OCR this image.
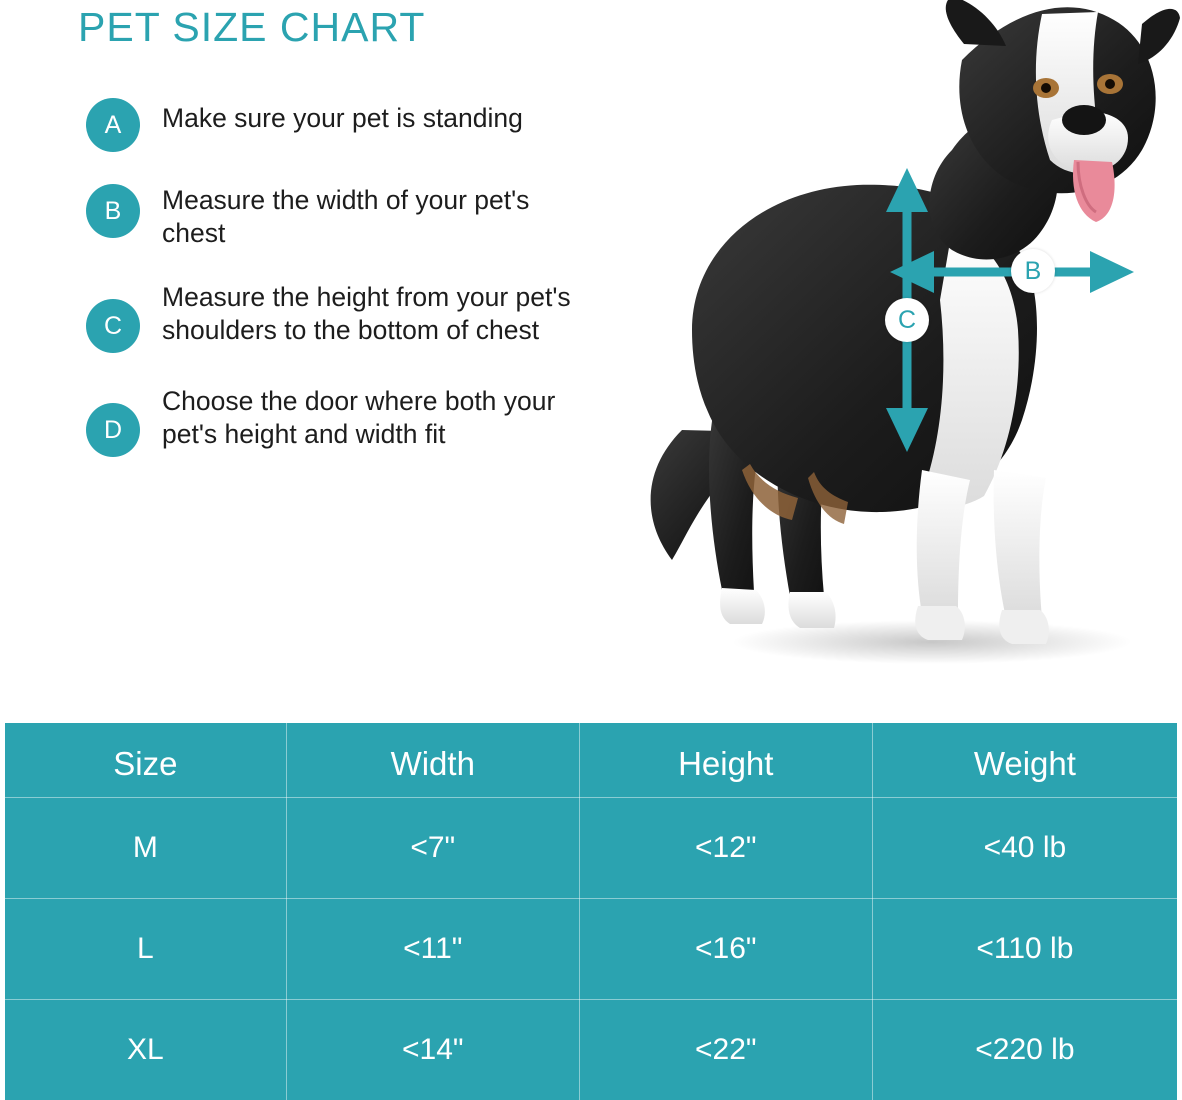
PET SIZE CHART
A	Make sure your pet is standing
B	Measure the width of your pet's chest
C
Measure the height from your pet's shoulders to the bottom of chest
D
Choose the door where both your pet's height and width fit
B
C
Size	Width	Height	Weight
M	<7"	<12"	<40 lb
L	<11"	<16"	<110 lb
XL	<14"	<22"	<220 lb
